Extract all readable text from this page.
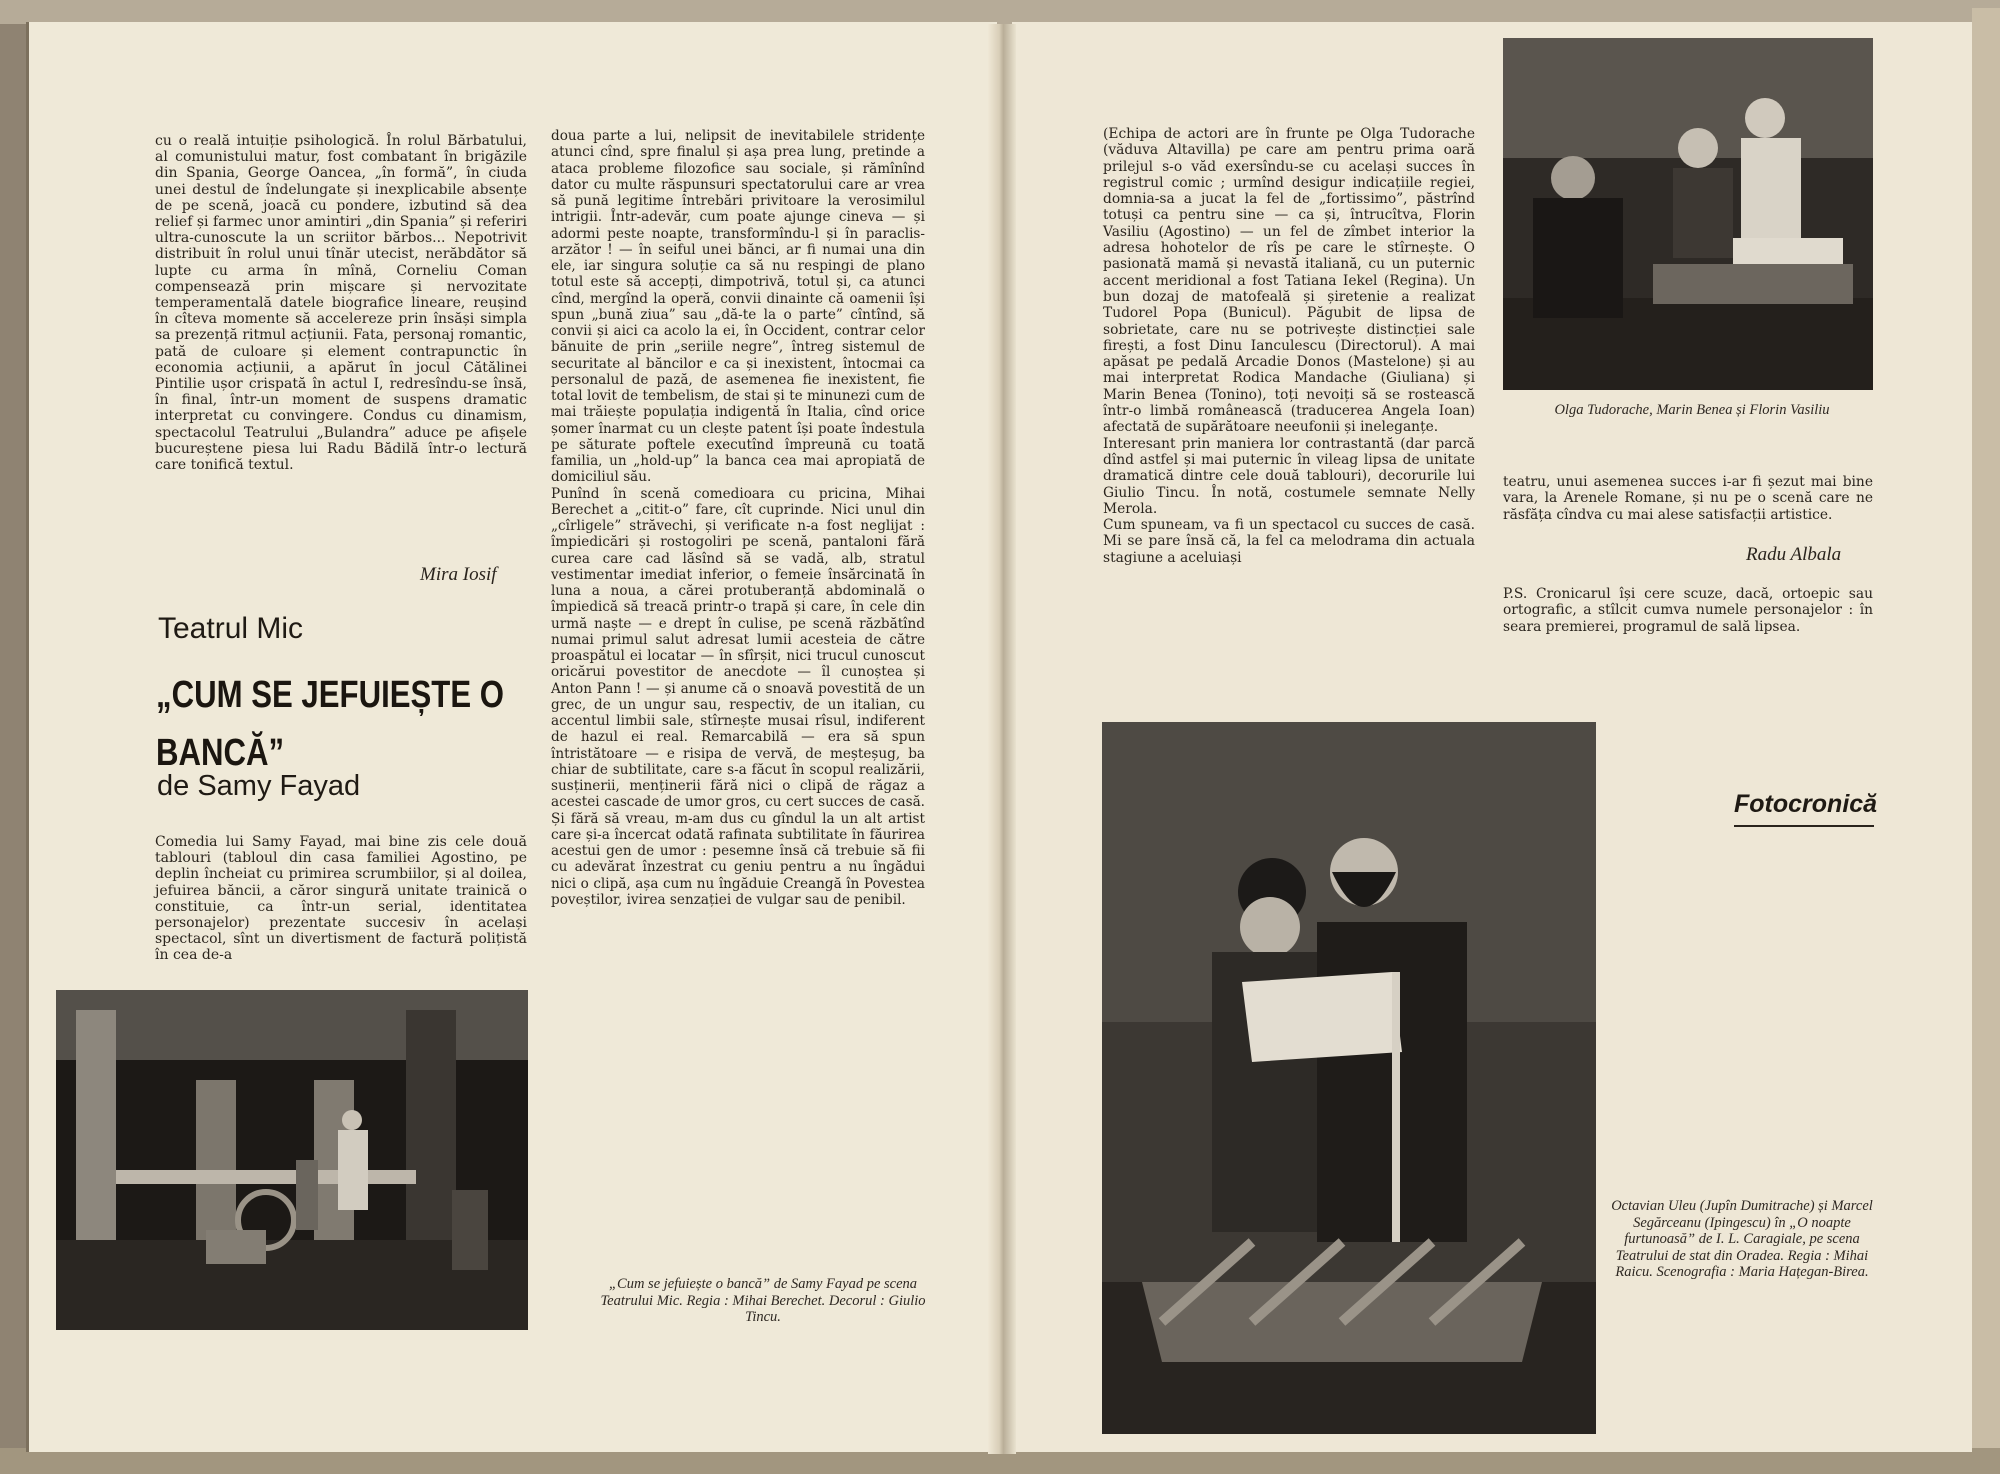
cu o reală intuiție psihologică. În rolul Bărbatului, al comunistului matur, fost combatant în brigăzile din Spania, George Oancea, „în formă”, în ciuda unei destul de îndelungate și inexplicabile absențe de pe scenă, joacă cu pondere, izbutind să dea relief și farmec unor amintiri „din Spania” și referiri ultra-cunoscute la un scriitor bărbos... Nepotrivit distribuit în rolul unui tînăr utecist, nerăbdător să lupte cu arma în mînă, Corneliu Coman compensează prin mișcare și nervozitate temperamentală datele biografice lineare, reușind în cîteva momente să accelereze prin însăși simpla sa prezență ritmul acțiunii. Fata, personaj romantic, pată de culoare și element contrapunctic în economia acțiunii, a apărut în jocul Cătălinei Pintilie ușor crispată în actul I, redresîndu-se însă, în final, într-un moment de suspens dramatic interpretat cu convingere. Condus cu dinamism, spectacolul Teatrului „Bulandra” aduce pe afișele bucureștene piesa lui Radu Bădilă într-o lectură care tonifică textul.
Mira Iosif
Teatrul Mic
„CUM SE JEFUIEȘTE O BANCĂ”
de Samy Fayad
Comedia lui Samy Fayad, mai bine zis cele două tablouri (tabloul din casa familiei Agostino, pe deplin încheiat cu primirea scrumbiilor, și al doilea, jefuirea băncii, a căror singură unitate trainică o constituie, ca într-un serial, identitatea personajelor) prezentate succesiv în același spectacol, sînt un divertisment de factură polițistă în cea de-a
doua parte a lui, nelipsit de inevitabilele stridențe atunci cînd, spre finalul și așa prea lung, pretinde a ataca probleme filozofice sau sociale, și rămînînd dator cu multe răspunsuri spectatorului care ar vrea să pună legitime întrebări privitoare la verosimilul intrigii. Într-adevăr, cum poate ajunge cineva — și adormi peste noapte, transformîndu-l și în paraclis-arzător ! — în seiful unei bănci, ar fi numai una din ele, iar singura soluție ca să nu respingi de plano totul este să accepți, dimpotrivă, totul și, ca atunci cînd, mergînd la operă, convii dinainte că oamenii își spun „bună ziua” sau „dă-te la o parte” cîntînd, să convii și aici ca acolo la ei, în Occident, contrar celor bănuite de prin „seriile negre”, întreg sistemul de securitate al băncilor e ca și inexistent, întocmai ca personalul de pază, de asemenea fie inexistent, fie total lovit de tembelism, de stai și te minunezi cum de mai trăiește populația indigentă în Italia, cînd orice șomer înarmat cu un clește patent își poate îndestula pe săturate poftele executînd împreună cu toată familia, un „hold-up” la banca cea mai apropiată de domiciliul său.
Punînd în scenă comedioara cu pricina, Mihai Berechet a „citit-o” fare, cît cuprinde. Nici unul din „cîrligele” străvechi, și verificate n-a fost neglijat : împiedicări și rostogoliri pe scenă, pantaloni fără curea care cad lăsînd să se vadă, alb, stratul vestimentar imediat inferior, o femeie însărcinată în luna a noua, a cărei protuberanță abdominală o împiedică să treacă printr-o trapă și care, în cele din urmă naște — e drept în culise, pe scenă răzbătînd numai primul salut adresat lumii acesteia de către proaspătul ei locatar — în sfîrșit, nici trucul cunoscut oricărui povestitor de anecdote — îl cunoștea și Anton Pann ! — și anume că o snoavă povestită de un grec, de un ungur sau, respectiv, de un italian, cu accentul limbii sale, stîrnește musai rîsul, indiferent de hazul ei real. Remarcabilă — era să spun întristătoare — e risipa de vervă, de meșteșug, ba chiar de subtilitate, care s-a făcut în scopul realizării, susținerii, menținerii fără nici o clipă de răgaz a acestei cascade de umor gros, cu cert succes de casă. Și fără să vreau, m-am dus cu gîndul la un alt artist care și-a încercat odată rafinata subtilitate în făurirea acestui gen de umor : pesemne însă că trebuie să fii cu adevărat înzestrat cu geniu pentru a nu îngădui nici o clipă, așa cum nu îngăduie Creangă în Povestea poveștilor, ivirea senzației de vulgar sau de penibil.
„Cum se jefuiește o bancă” de Samy Fayad pe scena Teatrului Mic. Regia : Mihai Berechet. Decorul : Giulio Tincu.
(Echipa de actori are în frunte pe Olga Tudorache (văduva Altavilla) pe care am pentru prima oară prilejul s-o văd exersîndu-se cu același succes în registrul comic ; urmînd desigur indicațiile regiei, domnia-sa a jucat la fel de „fortissimo”, păstrînd totuși ca pentru sine — ca și, întrucîtva, Florin Vasiliu (Agostino) — un fel de zîmbet interior la adresa hohotelor de rîs pe care le stîrnește. O pasionată mamă și nevastă italiană, cu un puternic accent meridional a fost Tatiana Iekel (Regina). Un bun dozaj de matofeală și șiretenie a realizat Tudorel Popa (Bunicul). Păgubit de lipsa de sobrietate, care nu se potrivește distincției sale firești, a fost Dinu Ianculescu (Directorul). A mai apăsat pe pedală Arcadie Donos (Mastelone) și au mai interpretat Rodica Mandache (Giuliana) și Marin Benea (Tonino), toți nevoiți să se rostească într-o limbă românească (traducerea Angela Ioan) afectată de supărătoare neeufonii și ineleganțe.
Interesant prin maniera lor contrastantă (dar parcă dînd astfel și mai puternic în vileag lipsa de unitate dramatică dintre cele două tablouri), decorurile lui Giulio Tincu. În notă, costumele semnate Nelly Merola.
Cum spuneam, va fi un spectacol cu succes de casă. Mi se pare însă că, la fel ca melodrama din actuala stagiune a aceluiași
Olga Tudorache, Marin Benea și Florin Vasiliu
teatru, unui asemenea succes i-ar fi șezut mai bine vara, la Arenele Romane, și nu pe o scenă care ne răsfăța cîndva cu mai alese satisfacții artistice.
Radu Albala
P.S. Cronicarul își cere scuze, dacă, ortoepic sau ortografic, a stîlcit cumva numele personajelor : în seara premierei, programul de sală lipsea.
Fotocronică
Octavian Uleu (Jupîn Dumitrache) și Marcel Segărceanu (Ipingescu) în „O noapte furtunoasă” de I. L. Caragiale, pe scena Teatrului de stat din Oradea. Regia : Mihai Raicu. Scenografia : Maria Hațegan-Birea.
